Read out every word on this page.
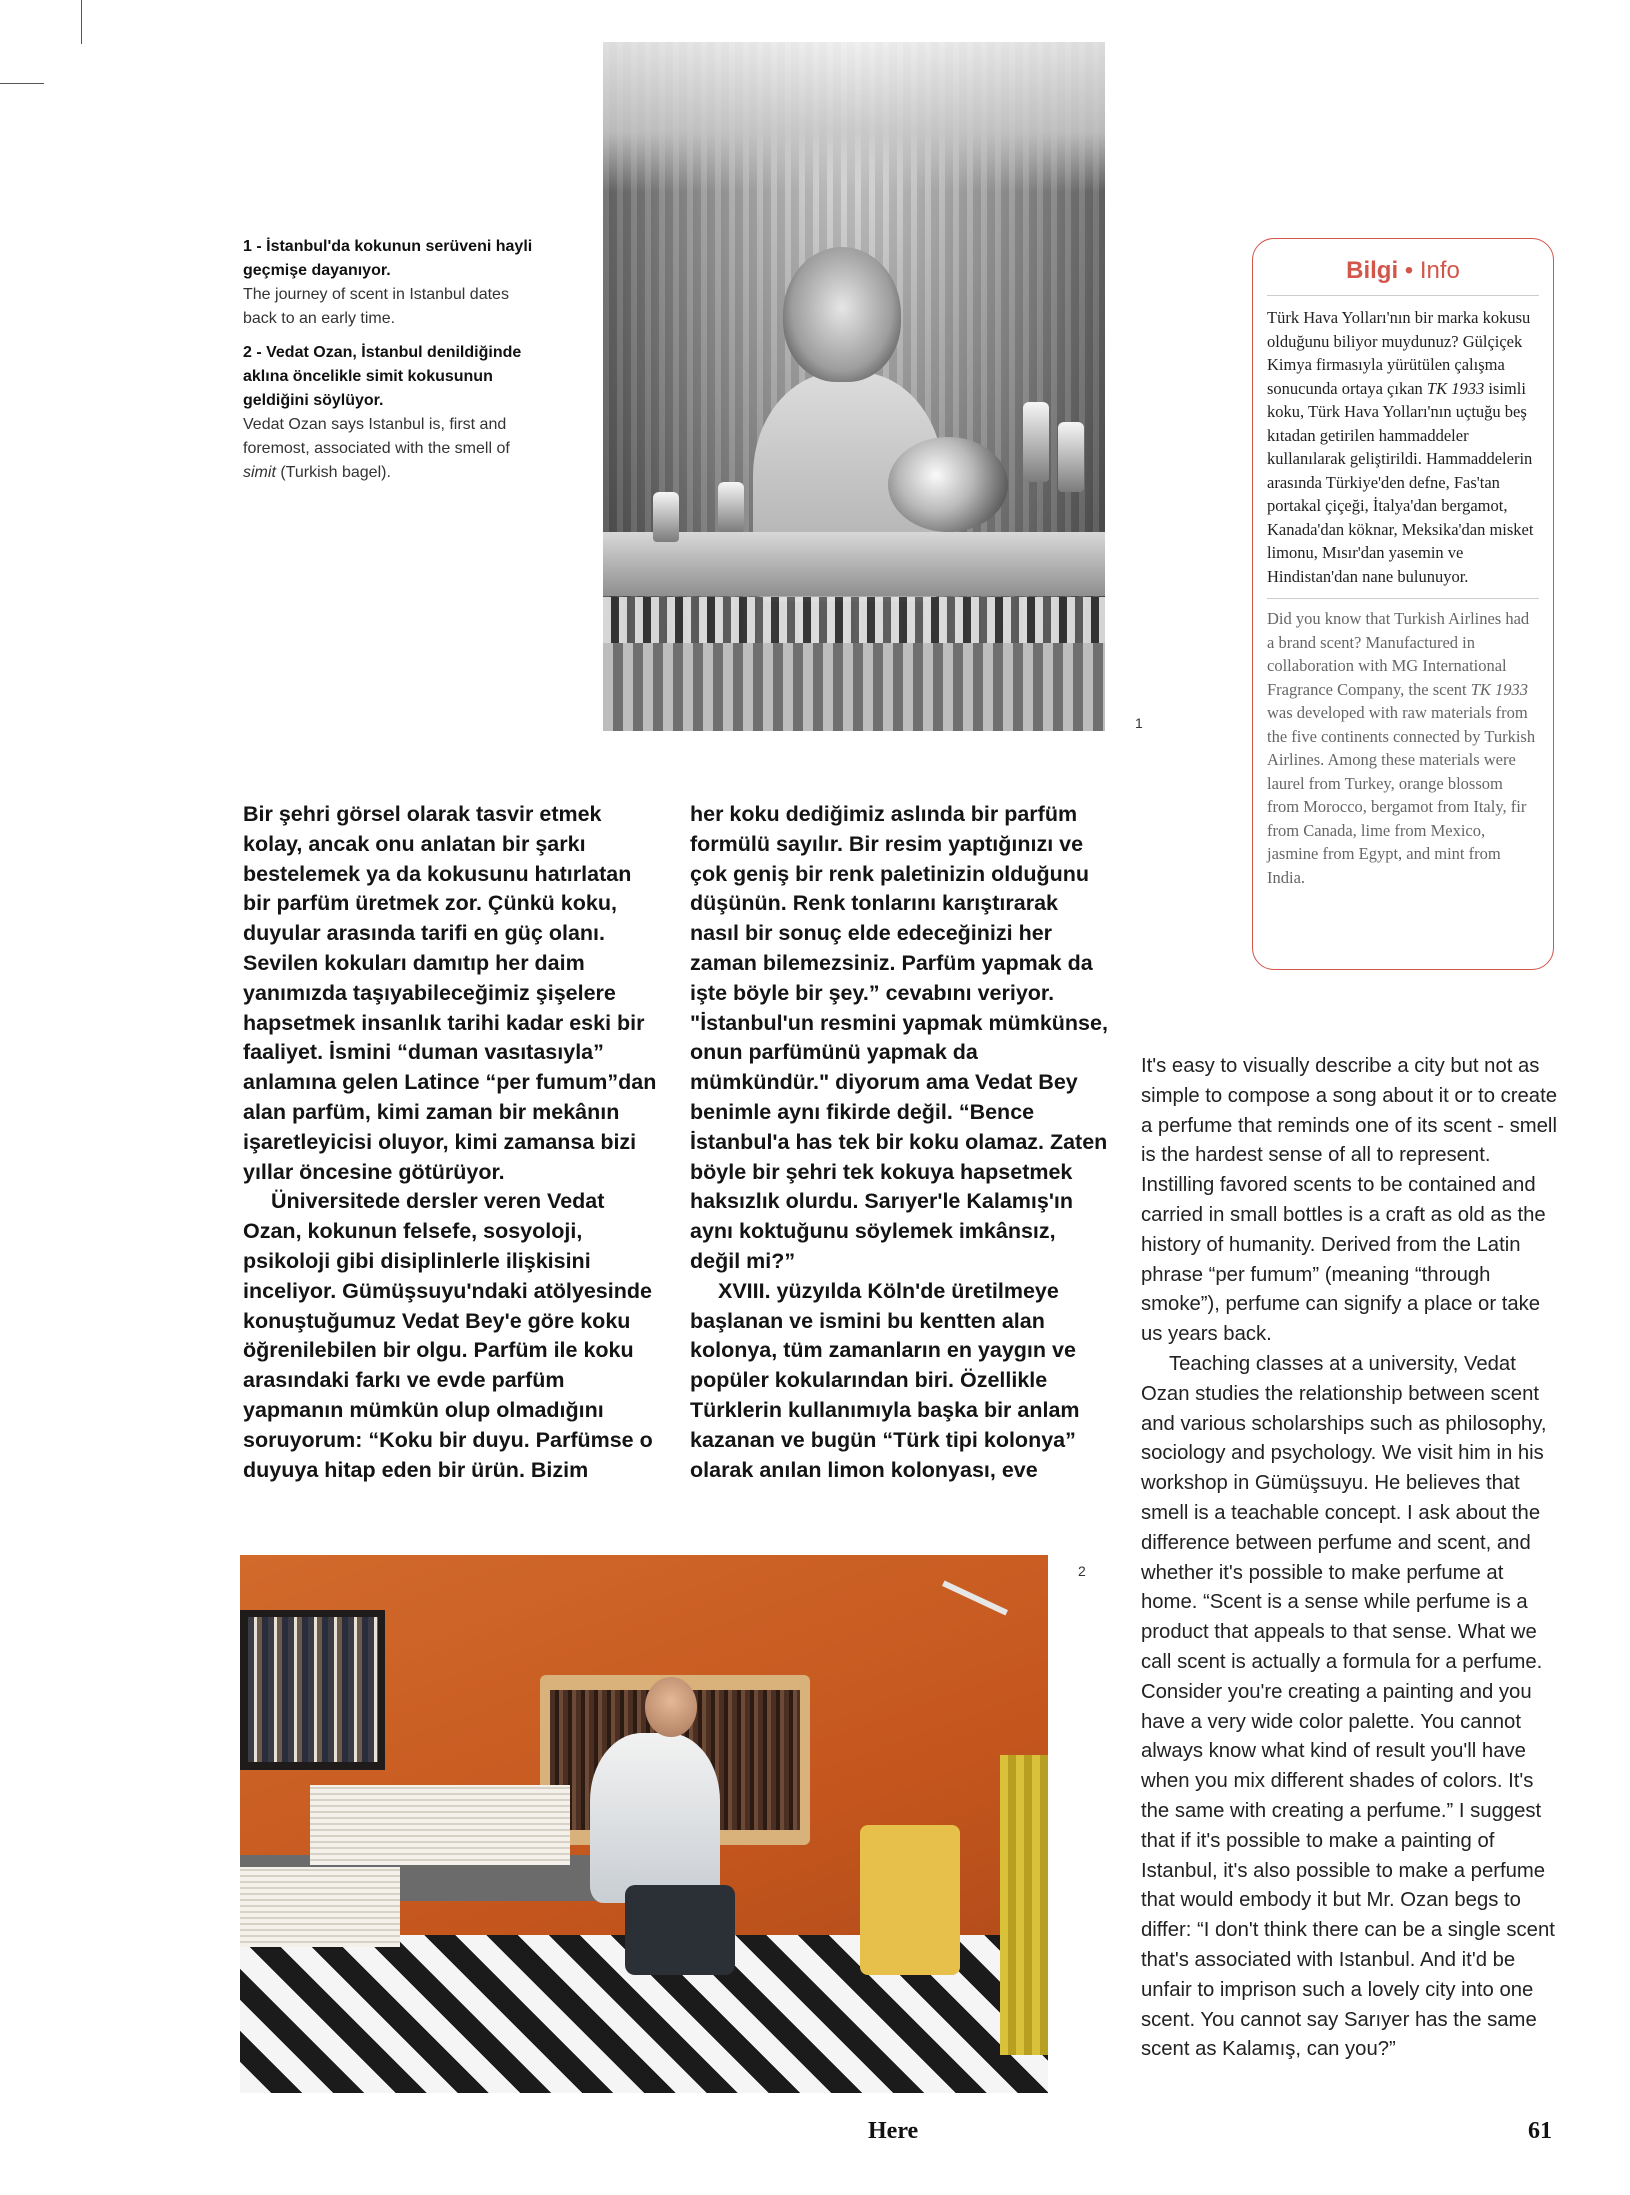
1
1 - İstanbul'da kokunun serüveni hayli geçmişe dayanıyor.
The journey of scent in Istanbul dates back to an early time.
2 - Vedat Ozan, İstanbul denildiğinde aklına öncelikle simit kokusunun geldiğini söylüyor.
Vedat Ozan says Istanbul is, first and foremost, associated with the smell of simit (Turkish bagel).
Bilgi • Info

Türk Hava Yolları'nın bir marka kokusu olduğunu biliyor muydunuz? Gülçiçek Kimya firmasıyla yürütülen çalışma sonucunda ortaya çıkan TK 1933 isimli koku, Türk Hava Yolları'nın uçtuğu beş kıtadan getirilen hammaddeler kullanılarak geliştirildi. Hammaddelerin arasında Türkiye'den defne, Fas'tan portakal çiçeği, İtalya'dan bergamot, Kanada'dan köknar, Meksika'dan misket limonu, Mısır'dan yasemin ve Hindistan'dan nane bulunuyor.

Did you know that Turkish Airlines had a brand scent? Manufactured in collaboration with MG International Fragrance Company, the scent TK 1933 was developed with raw materials from the five continents connected by Turkish Airlines. Among these materials were laurel from Turkey, orange blossom from Morocco, bergamot from Italy, fir from Canada, lime from Mexico, jasmine from Egypt, and mint from India.

Bir şehri görsel olarak tasvir etmek kolay, ancak onu anlatan bir şarkı bestelemek ya da kokusunu hatırlatan bir parfüm üretmek zor. Çünkü koku, duyular arasında tarifi en güç olanı. Sevilen kokuları damıtıp her daim yanımızda taşıyabileceğimiz şişelere hapsetmek insanlık tarihi kadar eski bir faaliyet. İsmini “duman vasıtasıyla” anlamına gelen Latince “per fumum”dan alan parfüm, kimi zaman bir mekânın işaretleyicisi oluyor, kimi zamansa bizi yıllar öncesine götürüyor.

Üniversitede dersler veren Vedat Ozan, kokunun felsefe, sosyoloji, psikoloji gibi disiplinlerle ilişkisini inceliyor. Gümüşsuyu'ndaki atölyesinde konuştuğumuz Vedat Bey'e göre koku öğrenilebilen bir olgu. Parfüm ile koku arasındaki farkı ve evde parfüm yapmanın mümkün olup olmadığını soruyorum: “Koku bir duyu. Parfümse o duyuya hitap eden bir ürün. Bizim

her koku dediğimiz aslında bir parfüm formülü sayılır. Bir resim yaptığınızı ve çok geniş bir renk paletinizin olduğunu düşünün. Renk tonlarını karıştırarak nasıl bir sonuç elde edeceğinizi her zaman bilemezsiniz. Parfüm yapmak da işte böyle bir şey.” cevabını veriyor. "İstanbul'un resmini yapmak mümkünse, onun parfümünü yapmak da mümkündür." diyorum ama Vedat Bey benimle aynı fikirde değil. “Bence İstanbul'a has tek bir koku olamaz. Zaten böyle bir şehri tek kokuya hapsetmek haksızlık olurdu. Sarıyer'le Kalamış'ın aynı koktuğunu söylemek imkânsız, değil mi?”

XVIII. yüzyılda Köln'de üretilmeye başlanan ve ismini bu kentten alan kolonya, tüm zamanların en yaygın ve popüler kokularından biri. Özellikle Türklerin kullanımıyla başka bir anlam kazanan ve bugün “Türk tipi kolonya” olarak anılan limon kolonyası, eve

It's easy to visually describe a city but not as simple to compose a song about it or to create a perfume that reminds one of its scent - smell is the hardest sense of all to represent. Instilling favored scents to be contained and carried in small bottles is a craft as old as the history of humanity. Derived from the Latin phrase “per fumum” (meaning “through smoke”), perfume can signify a place or take us years back.

Teaching classes at a university, Vedat Ozan studies the relationship between scent and various scholarships such as philosophy, sociology and psychology. We visit him in his workshop in Gümüşsuyu. He believes that smell is a teachable concept. I ask about the difference between perfume and scent, and whether it's possible to make perfume at home. “Scent is a sense while perfume is a product that appeals to that sense. What we call scent is actually a formula for a perfume. Consider you're creating a painting and you have a very wide color palette. You cannot always know what kind of result you'll have when you mix different shades of colors. It's the same with creating a perfume.” I suggest that if it's possible to make a painting of Istanbul, it's also possible to make a perfume that would embody it but Mr. Ozan begs to differ: “I don't think there can be a single scent that's associated with Istanbul. And it'd be unfair to imprison such a lovely city into one scent. You cannot say Sarıyer has the same scent as Kalamış, can you?”

2
Here	61
